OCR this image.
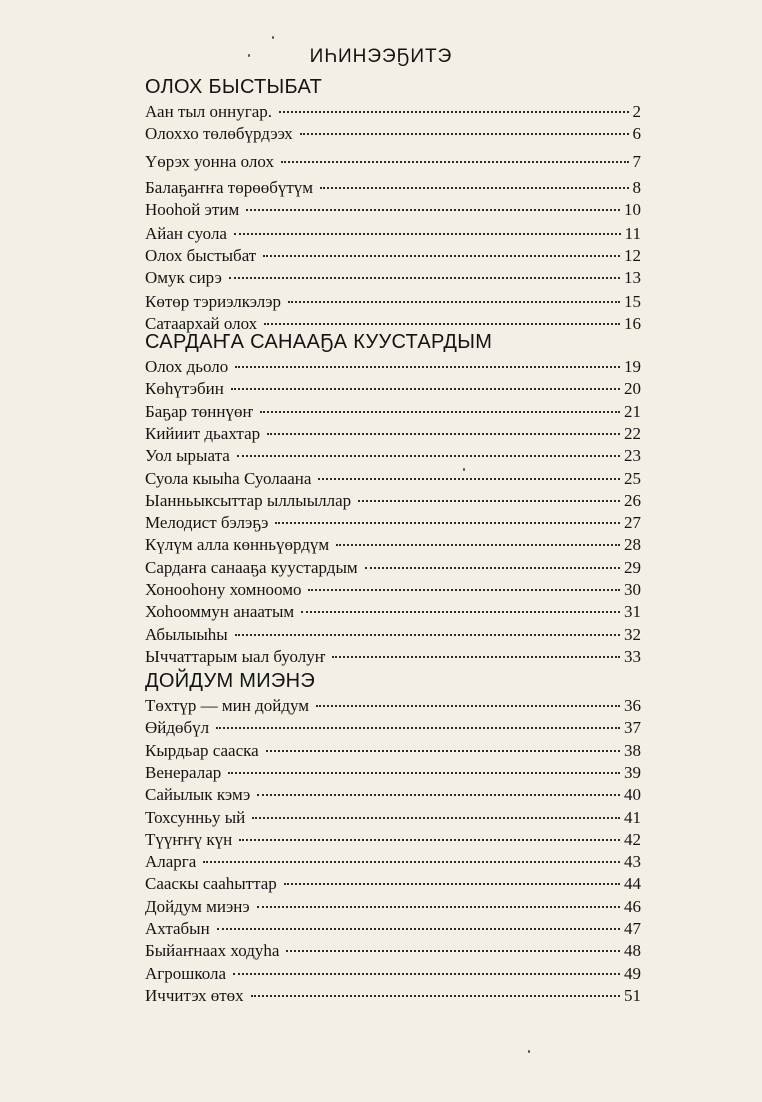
ИҺИНЭЭҔИТЭ
ОЛОХ БЫСТЫБАТ
Аан тыл оннугар.	2
Олоххо төлөбүрдээх	6
Үөрэх уонна олох	7
Балаҕаҥҥа төрөөбүтүм	8
Нооһой этим	10
Айан суола	11
Олох быстыбат	12
Омук сирэ	13
Көтөр тэриэлкэлэр	15
Сатаархай олох	16
САРДАҤА САНААҔА КУУСТАРДЫМ
Олох дьоло	19
Көһүтэбин	20
Баҕар төннүөҥ	21
Кийиит дьахтар	22
Уол ырыата	23
Суола кыыһа Суолаана	25
Ыанньыксыттар ыллыыллар	26
Мелодист бэлэҕэ	27
Күлүм алла көнньүөрдүм	28
Сардаҥа санааҕа куустардым	29
Хонооһону хомноомо	30
Хоһооммун анаатым	31
Абылыыһы	32
Ыччаттарым ыал буолуҥ	33
ДОЙДУМ МИЭНЭ
Төхтүр — мин дойдум	36
Өйдөбүл	37
Кырдьар сааска	38
Венералар	39
Сайылык кэмэ	40
Тохсунньу ый	41
Түүҥҥү күн	42
Аларга	43
Сааскы сааһыттар	44
Дойдум миэнэ	46
Ахтабын	47
Быйаҥнаах ходуһа	48
Агрошкола	49
Иччитэх өтөх	51
